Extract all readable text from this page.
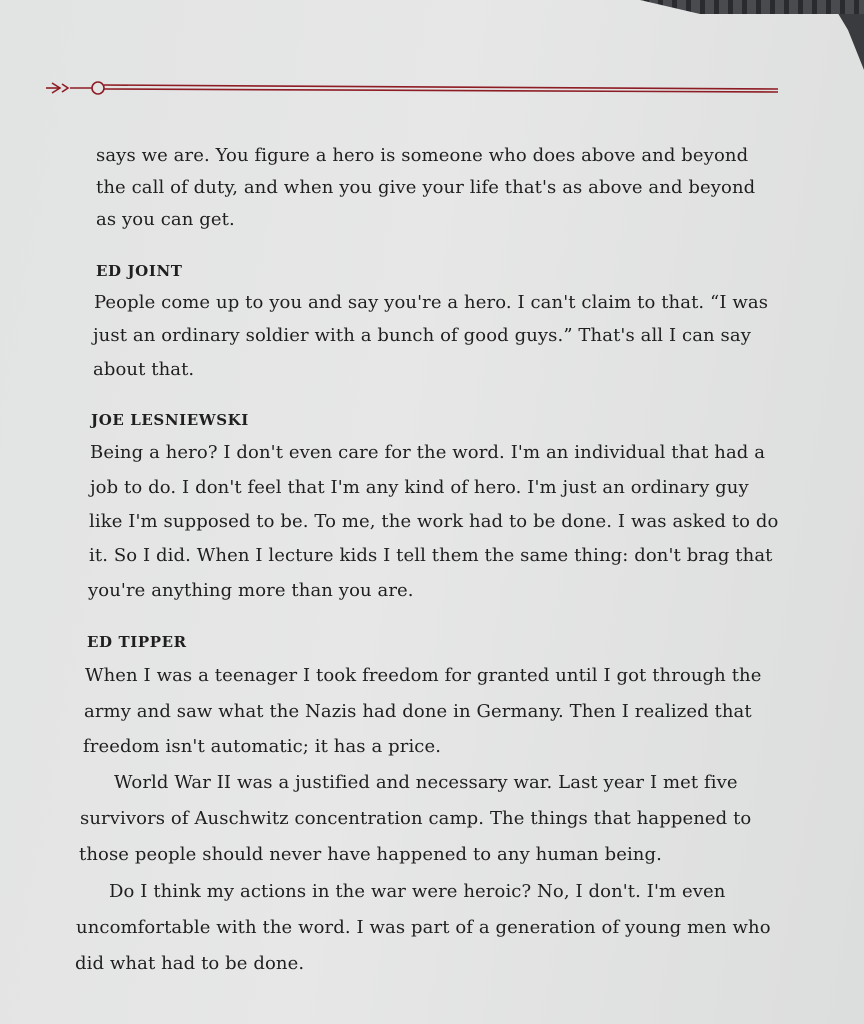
says we are. You figure a hero is someone who does above and beyond
the call of duty, and when you give your life that's as above and beyond
as you can get.
ED JOINT
People come up to you and say you're a hero. I can't claim to that. “I was
just an ordinary soldier with a bunch of good guys.” That's all I can say
about that.
JOE LESNIEWSKI
Being a hero? I don't even care for the word. I'm an individual that had a
job to do. I don't feel that I'm any kind of hero. I'm just an ordinary guy
like I'm supposed to be. To me, the work had to be done. I was asked to do
it. So I did. When I lecture kids I tell them the same thing: don't brag that
you're anything more than you are.
ED TIPPER
When I was a teenager I took freedom for granted until I got through the
army and saw what the Nazis had done in Germany. Then I realized that
freedom isn't automatic; it has a price.
World War II was a justified and necessary war. Last year I met five
survivors of Auschwitz concentration camp. The things that happened to
those people should never have happened to any human being.
Do I think my actions in the war were heroic? No, I don't. I'm even
uncomfortable with the word. I was part of a generation of young men who
did what had to be done.
